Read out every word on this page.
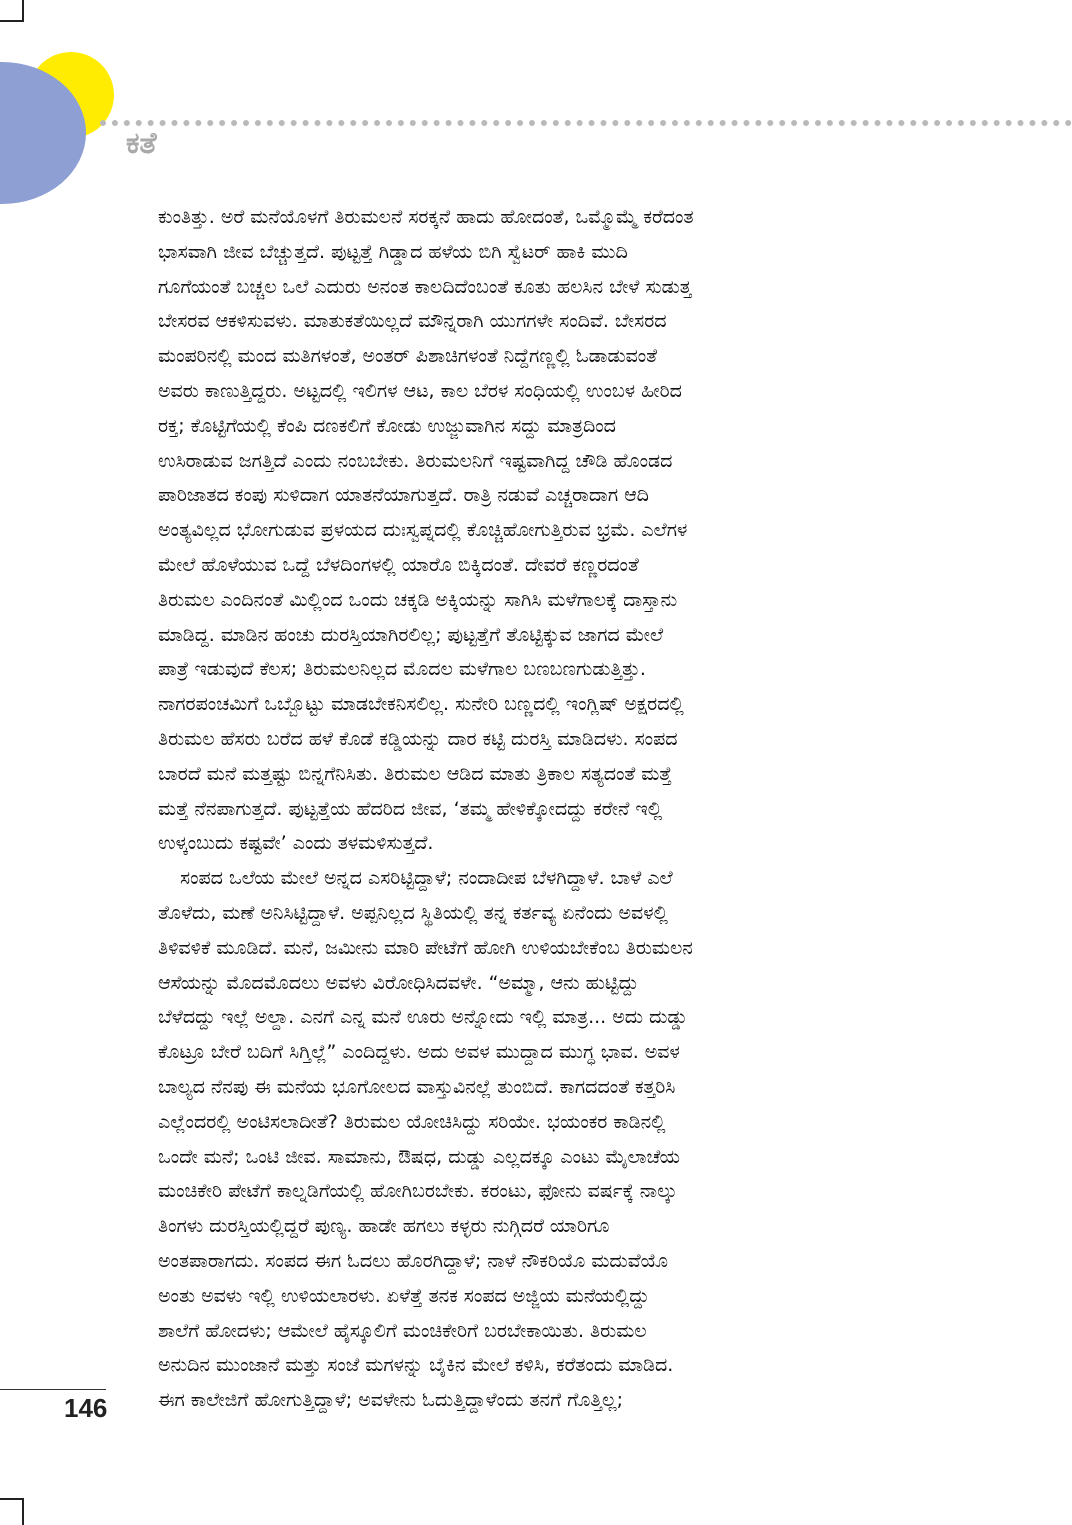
ಕತೆ
ಕುಂತಿತ್ತು. ಅರೆ ಮನೆಯೊಳಗೆ ತಿರುಮಲನೆ ಸರಕ್ಕನೆ ಹಾದು ಹೋದಂತೆ, ಒಮ್ಮೊಮ್ಮೆ ಕರೆದಂತ
ಭಾಸವಾಗಿ ಜೀವ ಬೆಚ್ಚುತ್ತದೆ. ಪುಟ್ಟತ್ತೆ ಗಿಡ್ಡಾದ ಹಳೆಯ ಬಿಗಿ ಸ್ವೆಟರ್ ಹಾಕಿ ಮುದಿ
ಗೂಗೆಯಂತೆ ಬಚ್ಚಲ ಒಲೆ ಎದುರು ಅನಂತ ಕಾಲದಿದೆಂಬಂತೆ ಕೂತು ಹಲಸಿನ ಬೇಳೆ ಸುಡುತ್ತ
ಬೇಸರವ ಆಕಳಿಸುವಳು. ಮಾತುಕತೆಯಿಲ್ಲದೆ ಮೌನ್ನರಾಗಿ ಯುಗಗಳೇ ಸಂದಿವೆ. ಬೇಸರದ
ಮಂಪರಿನಲ್ಲಿ ಮಂದ ಮತಿಗಳಂತೆ, ಅಂತರ್ ಪಿಶಾಚಿಗಳಂತೆ ನಿದ್ದೆಗಣ್ಣಲ್ಲಿ ಓಡಾಡುವಂತೆ
ಅವರು ಕಾಣುತ್ತಿದ್ದರು. ಅಟ್ಟದಲ್ಲಿ ಇಲಿಗಳ ಆಟ, ಕಾಲ ಬೆರಳ ಸಂಧಿಯಲ್ಲಿ ಉಂಬಳ ಹೀರಿದ
ರಕ್ತ; ಕೊಟ್ಟಿಗೆಯಲ್ಲಿ ಕೆಂಪಿ ದಣಕಲಿಗೆ ಕೋಡು ಉಜ್ಜುವಾಗಿನ ಸದ್ದು ಮಾತ್ರದಿಂದ
ಉಸಿರಾಡುವ ಜಗತ್ತಿದೆ ಎಂದು ನಂಬಬೇಕು. ತಿರುಮಲನಿಗೆ ಇಷ್ಟವಾಗಿದ್ದ ಚೌಡಿ ಹೊಂಡದ
ಪಾರಿಜಾತದ ಕಂಪು ಸುಳಿದಾಗ ಯಾತನೆಯಾಗುತ್ತದೆ. ರಾತ್ರಿ ನಡುವೆ ಎಚ್ಚರಾದಾಗ ಆದಿ
ಅಂತ್ಯವಿಲ್ಲದ ಭೋಗುಡುವ ಪ್ರಳಯದ ದುಃಸ್ವಪ್ನದಲ್ಲಿ ಕೊಚ್ಚಿಹೋಗುತ್ತಿರುವ ಭ್ರಮೆ. ಎಲೆಗಳ
ಮೇಲೆ ಹೊಳೆಯುವ ಒದ್ದೆ ಬೆಳದಿಂಗಳಲ್ಲಿ ಯಾರೊ ಬಿಕ್ಕಿದಂತೆ. ದೇವರೆ ಕಣ್ಣರದಂತೆ
ತಿರುಮಲ ಎಂದಿನಂತೆ ಮಿಲ್ಲಿಂದ ಒಂದು ಚಕ್ಕಡಿ ಅಕ್ಕಿಯನ್ನು ಸಾಗಿಸಿ ಮಳೆಗಾಲಕ್ಕೆ ದಾಸ್ತಾನು
ಮಾಡಿದ್ದ. ಮಾಡಿನ ಹಂಚು ದುರಸ್ತಿಯಾಗಿರಲಿಲ್ಲ; ಪುಟ್ಟತ್ತೆಗೆ ತೊಟ್ಟಿಕ್ಕುವ ಜಾಗದ ಮೇಲೆ
ಪಾತ್ರೆ ಇಡುವುದೆ ಕೆಲಸ; ತಿರುಮಲನಿಲ್ಲದ ಮೊದಲ ಮಳೆಗಾಲ ಬಣಬಣಗುಡುತ್ತಿತ್ತು.
ನಾಗರಪಂಚಮಿಗೆ ಒಬ್ಬೊಟ್ಟು ಮಾಡಬೇಕನಿಸಲಿಲ್ಲ. ಸುನೇರಿ ಬಣ್ಣದಲ್ಲಿ ಇಂಗ್ಲಿಷ್ ಅಕ್ಷರದಲ್ಲಿ
ತಿರುಮಲ ಹೆಸರು ಬರೆದ ಹಳೆ ಕೊಡೆ ಕಡ್ಡಿಯನ್ನು ದಾರ ಕಟ್ಟಿ ದುರಸ್ತಿ ಮಾಡಿದಳು. ಸಂಪದ
ಬಾರದೆ ಮನೆ ಮತ್ತಷ್ಟು ಬಿನ್ನಗೆನಿಸಿತು. ತಿರುಮಲ ಆಡಿದ ಮಾತು ತ್ರಿಕಾಲ ಸತ್ಯದಂತೆ ಮತ್ತೆ
ಮತ್ತೆ ನೆನಪಾಗುತ್ತದೆ. ಪುಟ್ಟತ್ತೆಯ ಹೆದರಿದ ಜೀವ, ‘ತಮ್ಮ ಹೇಳಿಕ್ಕೋದದ್ದು ಕರೇನೆ ಇಲ್ಲಿ
ಉಳ್ಕಂಬುದು ಕಷ್ಟವೇ’ ಎಂದು ತಳಮಳಿಸುತ್ತದೆ.
ಸಂಪದ ಒಲೆಯ ಮೇಲೆ ಅನ್ನದ ಎಸರಿಟ್ಟಿದ್ದಾಳೆ; ನಂದಾದೀಪ ಬೆಳಗಿದ್ದಾಳೆ. ಬಾಳೆ ಎಲೆ
ತೊಳೆದು, ಮಣೆ ಅನಿಸಿಟ್ಟಿದ್ದಾಳೆ. ಅಪ್ಪನಿಲ್ಲದ ಸ್ಥಿತಿಯಲ್ಲಿ ತನ್ನ ಕರ್ತವ್ಯ ಏನೆಂದು ಅವಳಲ್ಲಿ
ತಿಳಿವಳಿಕೆ ಮೂಡಿದೆ. ಮನೆ, ಜಮೀನು ಮಾರಿ ಪೇಟೆಗೆ ಹೋಗಿ ಉಳಿಯಬೇಕೆಂಬ ತಿರುಮಲನ
ಆಸೆಯನ್ನು ಮೊದಮೊದಲು ಅವಳು ವಿರೋಧಿಸಿದವಳೇ. “ಅಮ್ಮಾ, ಆನು ಹುಟ್ಟಿದ್ದು
ಬೆಳೆದದ್ದು ಇಲ್ಲೆ ಅಲ್ದಾ. ಎನಗೆ ಎನ್ನ ಮನೆ ಊರು ಅನ್ನೋದು ಇಲ್ಲಿ ಮಾತ್ರ... ಅದು ದುಡ್ಡು
ಕೊಟ್ರೂ ಬೇರೆ ಬದಿಗೆ ಸಿಗ್ತಿಲ್ಲೆ” ಎಂದಿದ್ದಳು. ಅದು ಅವಳ ಮುದ್ದಾದ ಮುಗ್ಧ ಭಾವ. ಅವಳ
ಬಾಲ್ಯದ ನೆನಪು ಈ ಮನೆಯ ಭೂಗೋಲದ ವಾಸ್ತುವಿನಲ್ಲೆ ತುಂಬಿದೆ. ಕಾಗದದಂತೆ ಕತ್ತರಿಸಿ
ಎಲ್ಲೆಂದರಲ್ಲಿ ಅಂಟಿಸಲಾದೀತೆ? ತಿರುಮಲ ಯೋಚಿಸಿದ್ದು ಸರಿಯೇ. ಭಯಂಕರ ಕಾಡಿನಲ್ಲಿ
ಒಂದೇ ಮನೆ; ಒಂಟಿ ಜೀವ. ಸಾಮಾನು, ಔಷಧ, ದುಡ್ಡು ಎಲ್ಲದಕ್ಕೂ ಎಂಟು ಮೈಲಾಚೆಯ
ಮಂಚಿಕೇರಿ ಪೇಟೆಗೆ ಕಾಲ್ನಡಿಗೆಯಲ್ಲಿ ಹೋಗಿಬರಬೇಕು. ಕರಂಟು, ಫೋನು ವರ್ಷಕ್ಕೆ ನಾಲ್ಕು
ತಿಂಗಳು ದುರಸ್ತಿಯಲ್ಲಿದ್ದರೆ ಪುಣ್ಯ. ಹಾಡೇ ಹಗಲು ಕಳ್ಳರು ನುಗ್ಗಿದರೆ ಯಾರಿಗೂ
ಅಂತಪಾರಾಗದು. ಸಂಪದ ಈಗ ಓದಲು ಹೊರಗಿದ್ದಾಳೆ; ನಾಳೆ ನೌಕರಿಯೊ ಮದುವೆಯೊ
ಅಂತು ಅವಳು ಇಲ್ಲಿ ಉಳಿಯಲಾರಳು. ಏಳೆತ್ತೆ ತನಕ ಸಂಪದ ಅಜ್ಜಿಯ ಮನೆಯಲ್ಲಿದ್ದು
ಶಾಲೆಗೆ ಹೋದಳು; ಆಮೇಲೆ ಹೈಸ್ಕೂಲಿಗೆ ಮಂಚಿಕೇರಿಗೆ ಬರಬೇಕಾಯಿತು. ತಿರುಮಲ
ಅನುದಿನ ಮುಂಜಾನೆ ಮತ್ತು ಸಂಜೆ ಮಗಳನ್ನು ಬೈಕಿನ ಮೇಲೆ ಕಳಿಸಿ, ಕರೆತಂದು ಮಾಡಿದ.
ಈಗ ಕಾಲೇಜಿಗೆ ಹೋಗುತ್ತಿದ್ದಾಳೆ; ಅವಳೇನು ಓದುತ್ತಿದ್ದಾಳೆಂದು ತನಗೆ ಗೊತ್ತಿಲ್ಲ;
146
